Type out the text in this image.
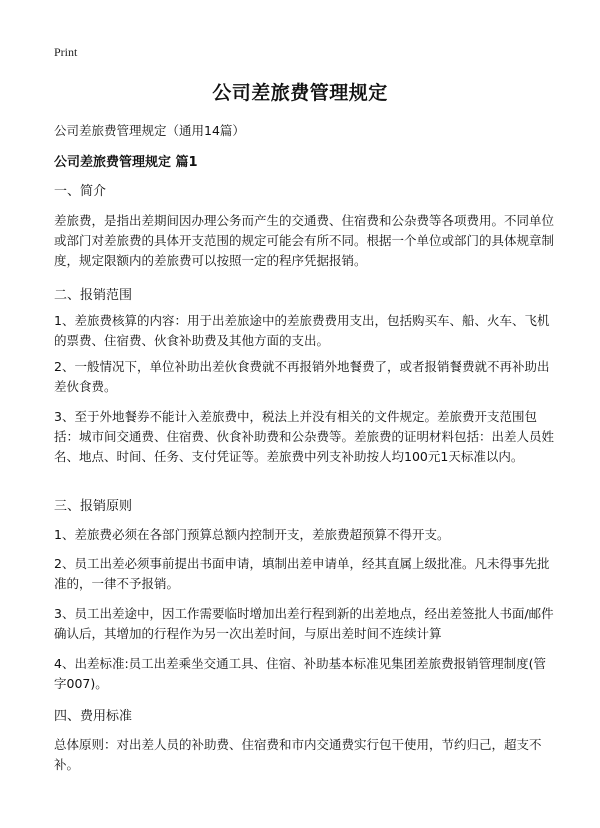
Print
公司差旅费管理规定
公司差旅费管理规定（通用14篇）
公司差旅费管理规定 篇1
一、简介

差旅费，是指出差期间因办理公务而产生的交通费、住宿费和公杂费等各项费用。不同单位或部门对差旅费的具体开支范围的规定可能会有所不同。根据一个单位或部门的具体规章制度，规定限额内的差旅费可以按照一定的程序凭据报销。

二、报销范围

1、差旅费核算的内容：用于出差旅途中的差旅费费用支出，包括购买车、船、火车、飞机的票费、住宿费、伙食补助费及其他方面的支出。

2、一般情况下，单位补助出差伙食费就不再报销外地餐费了，或者报销餐费就不再补助出差伙食费。

3、至于外地餐券不能计入差旅费中，税法上并没有相关的文件规定。差旅费开支范围包括：城市间交通费、住宿费、伙食补助费和公杂费等。差旅费的证明材料包括：出差人员姓名、地点、时间、任务、支付凭证等。差旅费中列支补助按人均100元1天标准以内。

三、报销原则

1、差旅费必须在各部门预算总额内控制开支，差旅费超预算不得开支。

2、员工出差必须事前提出书面申请，填制出差申请单，经其直属上级批准。凡未得事先批准的，一律不予报销。

3、员工出差途中，因工作需要临时增加出差行程到新的出差地点，经出差签批人书面/邮件确认后，其增加的行程作为另一次出差时间，与原出差时间不连续计算

4、出差标准:员工出差乘坐交通工具、住宿、补助基本标准见集团差旅费报销管理制度(管字007)。

四、费用标准

总体原则：对出差人员的补助费、住宿费和市内交通费实行包干使用，节约归己，超支不补。
